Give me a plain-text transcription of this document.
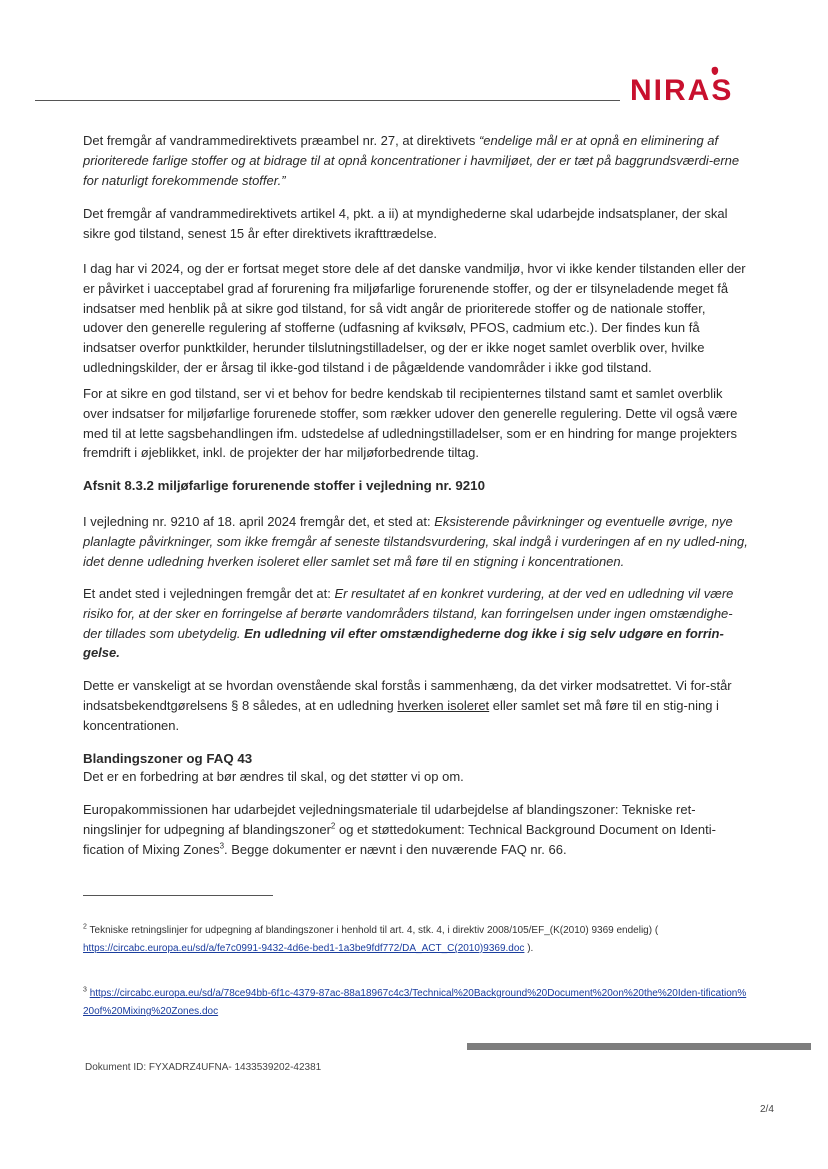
NIRAS

Det fremgår af vandrammedirektivets præambel nr. 27, at direktivets “endelige mål er at opnå en eliminering af prioriterede farlige stoffer og at bidrage til at opnå koncentrationer i havmiljøet, der er tæt på baggrundsværdi-erne for naturligt forekommende stoffer.”

Det fremgår af vandrammedirektivets artikel 4, pkt. a ii) at myndighederne skal udarbejde indsatsplaner, der skal sikre god tilstand, senest 15 år efter direktivets ikrafttrædelse.

I dag har vi 2024, og der er fortsat meget store dele af det danske vandmiljø, hvor vi ikke kender tilstanden eller der er påvirket i uacceptabel grad af forurening fra miljøfarlige forurenende stoffer, og der er tilsyneladende meget få indsatser med henblik på at sikre god tilstand, for så vidt angår de prioriterede stoffer og de nationale stoffer, udover den generelle regulering af stofferne (udfasning af kviksølv, PFOS, cadmium etc.). Der findes kun få indsatser overfor punktkilder, herunder tilslutningstilladelser, og der er ikke noget samlet overblik over, hvilke udledningskilder, der er årsag til ikke-god tilstand i de pågældende vandområder i ikke god tilstand.

For at sikre en god tilstand, ser vi et behov for bedre kendskab til recipienternes tilstand samt et samlet overblik over indsatser for miljøfarlige forurenede stoffer, som rækker udover den generelle regulering. Dette vil også være med til at lette sagsbehandlingen ifm. udstedelse af udledningstilladelser, som er en hindring for mange projekters fremdrift i øjeblikket, inkl. de projekter der har miljøforbedrende tiltag.

Afsnit 8.3.2 miljøfarlige forurenende stoffer i vejledning nr. 9210

I vejledning nr. 9210 af 18. april 2024 fremgår det, et sted at: Eksisterende påvirkninger og eventuelle øvrige, nye planlagte påvirkninger, som ikke fremgår af seneste tilstandsvurdering, skal indgå i vurderingen af en ny udled-ning, idet denne udledning hverken isoleret eller samlet set må føre til en stigning i koncentrationen.

Et andet sted i vejledningen fremgår det at: Er resultatet af en konkret vurdering, at der ved en udledning vil være risiko for, at der sker en forringelse af berørte vandområders tilstand, kan forringelsen under ingen omstændighe-der tillades som ubetydelig. En udledning vil efter omstændighederne dog ikke i sig selv udgøre en forrin-gelse.

Dette er vanskeligt at se hvordan ovenstående skal forstås i sammenhæng, da det virker modsatrettet. Vi for-står indsatsbekendtgørelsens § 8 således, at en udledning hverken isoleret eller samlet set må føre til en stig-ning i koncentrationen.

Blandingszoner og FAQ 43

Det er en forbedring at bør ændres til skal, og det støtter vi op om.

Europakommissionen har udarbejdet vejledningsmateriale til udarbejdelse af blandingszoner: Tekniske ret-ningslinjer for udpegning af blandingszoner$^2$ og et støttedokument: Technical Background Document on Identi-fication of Mixing Zones$^3$. Begge dokumenter er nævnt i den nuværende FAQ nr. 66.

$^2$ Tekniske retningslinjer for udpegning af blandingszoner i henhold til art. 4, stk. 4, i direktiv 2008/105/EF_(K(2010) 9369 endelig) (
https://circabc.europa.eu/sd/a/fe7c0991-9432-4d6e-bed1-1a3be9fdf772/DA_ACT_C(2010)9369.doc ).
$^3$ https://circabc.europa.eu/sd/a/78ce94bb-6f1c-4379-87ac-88a18967c4c3/Technical%20Background%20Document%20on%20the%20Iden-tification%20of%20Mixing%20Zones.doc
Dokument ID: FYXADRZ4UFNA- 1433539202-42381
2/4
